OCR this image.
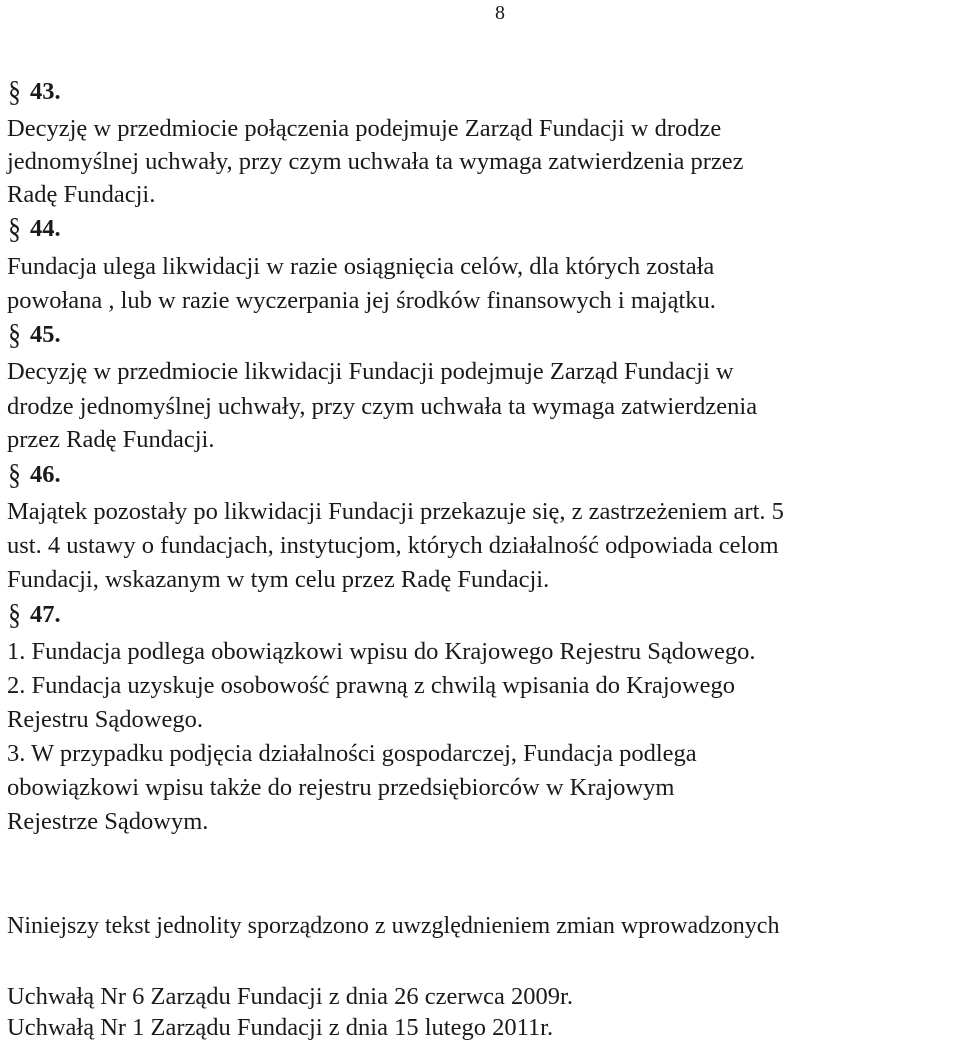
8
§ 43.
Decyzję w przedmiocie połączenia podejmuje Zarząd Fundacji w drodze
jednomyślnej uchwały, przy czym uchwała ta wymaga zatwierdzenia przez
Radę Fundacji.
§ 44.
Fundacja ulega likwidacji w razie osiągnięcia celów, dla których została
powołana , lub w razie wyczerpania jej środków finansowych i majątku.
§ 45.
Decyzję w przedmiocie likwidacji Fundacji podejmuje Zarząd Fundacji w
drodze jednomyślnej uchwały, przy czym uchwała ta wymaga zatwierdzenia
przez Radę Fundacji.
§ 46.
Majątek pozostały po likwidacji Fundacji przekazuje się, z zastrzeżeniem art. 5
ust. 4 ustawy o fundacjach, instytucjom, których działalność odpowiada celom
Fundacji, wskazanym w tym celu przez Radę Fundacji.
§ 47.
1. Fundacja podlega obowiązkowi wpisu do Krajowego Rejestru Sądowego.
2. Fundacja uzyskuje osobowość prawną z chwilą wpisania do Krajowego
Rejestru Sądowego.
3. W przypadku podjęcia działalności gospodarczej, Fundacja podlega
obowiązkowi wpisu także do rejestru przedsiębiorców w Krajowym
Rejestrze Sądowym.
Niniejszy tekst jednolity sporządzono z uwzględnieniem zmian wprowadzonych
Uchwałą Nr 6 Zarządu Fundacji z dnia 26 czerwca 2009r.
Uchwałą Nr 1 Zarządu Fundacji z dnia 15 lutego 2011r.
